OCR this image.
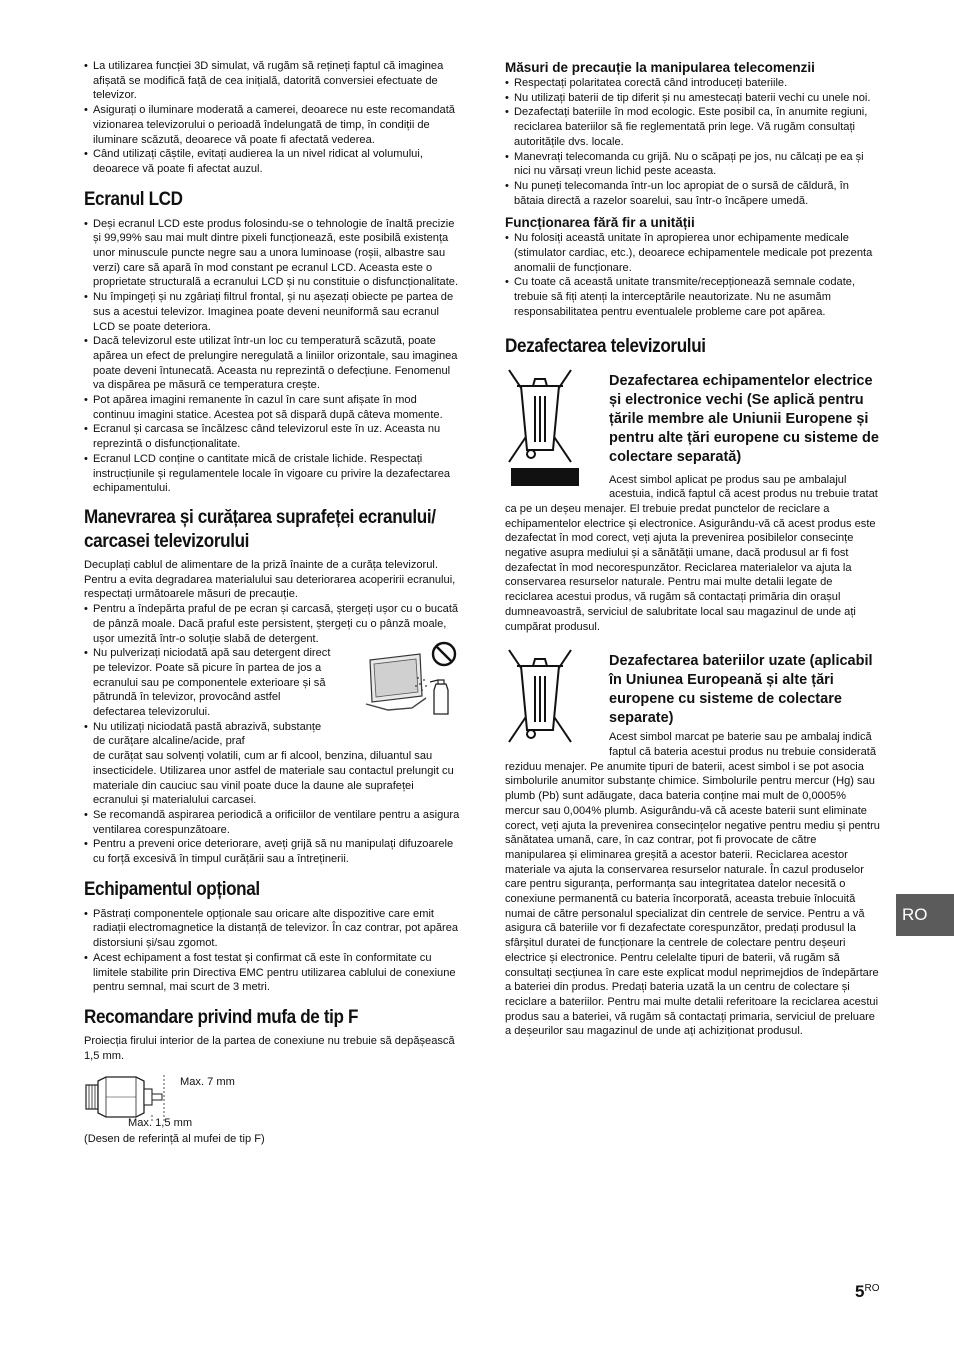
• La utilizarea funcției 3D simulat, vă rugăm să rețineți faptul că imaginea afișată se modifică față de cea inițială, datorită conversiei efectuate de televizor.
• Asigurați o iluminare moderată a camerei, deoarece nu este recomandată vizionarea televizorului o perioadă îndelungată de timp, în condiții de iluminare scăzută, deoarece vă poate fi afectată vederea.
• Când utilizați căștile, evitați audierea la un nivel ridicat al volumului, deoarece vă poate fi afectat auzul.
Ecranul LCD
• Deși ecranul LCD este produs folosindu-se o tehnologie de înaltă precizie și 99,99% sau mai mult dintre pixeli funcționează, este posibilă existența unor minuscule puncte negre sau a unora luminoase (roșii, albastre sau verzi) care să apară în mod constant pe ecranul LCD. Aceasta este o proprietate structurală a ecranului LCD și nu constituie o disfuncționalitate.
• Nu împingeți și nu zgâriați filtrul frontal, și nu așezați obiecte pe partea de sus a acestui televizor. Imaginea poate deveni neuniformă sau ecranul LCD se poate deteriora.
• Dacă televizorul este utilizat într-un loc cu temperatură scăzută, poate apărea un efect de prelungire neregulată a liniilor orizontale, sau imaginea poate deveni întunecată. Aceasta nu reprezintă o defecțiune. Fenomenul va dispărea pe măsură ce temperatura crește.
• Pot apărea imagini remanente în cazul în care sunt afișate în mod continuu imagini statice. Acestea pot să dispară după câteva momente.
• Ecranul și carcasa se încălzesc când televizorul este în uz. Aceasta nu reprezintă o disfuncționalitate.
• Ecranul LCD conține o cantitate mică de cristale lichide. Respectați instrucțiunile și regulamentele locale în vigoare cu privire la dezafectarea echipamentului.
Manevrarea și curățarea suprafeței ecranului/
carcasei televizorului

Decuplați cablul de alimentare de la priză înainte de a curăța televizorul.

Pentru a evita degradarea materialului sau deteriorarea acoperirii ecranului, respectați următoarele măsuri de precauție.

• Pentru a îndepărta praful de pe ecran și carcasă, ștergeți ușor cu o bucată de pânză moale. Dacă praful este persistent, ștergeți cu o pânză moale, ușor umezită într-o soluție slabă de detergent.
• Nu pulverizați niciodată apă sau detergent direct pe televizor. Poate să picure în partea de jos a ecranului sau pe componentele exterioare și să pătrundă în televizor, provocând astfel defectarea televizorului.
• Nu utilizați niciodată pastă abrazivă, substanțe de curățare alcaline/acide, praf

de curățat sau solvenți volatili, cum ar fi alcool, benzina, diluantul sau insecticidele. Utilizarea unor astfel de materiale sau contactul prelungit cu materiale din cauciuc sau vinil poate duce la daune ale suprafeței ecranului și materialului carcasei.

• Se recomandă aspirarea periodică a orificiilor de ventilare pentru a asigura ventilarea corespunzătoare.
• Pentru a preveni orice deteriorare, aveți grijă să nu manipulați difuzoarele cu forță excesivă în timpul curățării sau a întreținerii.
Echipamentul opțional
• Păstrați componentele opționale sau oricare alte dispozitive care emit radiații electromagnetice la distanță de televizor. În caz contrar, pot apărea distorsiuni și/sau zgomot.
• Acest echipament a fost testat și confirmat că este în conformitate cu limitele stabilite prin Directiva EMC pentru utilizarea cablului de conexiune pentru semnal, mai scurt de 3 metri.
Recomandare privind mufa de tip F

Proiecția firului interior de la partea de conexiune nu trebuie să depășească 1,5 mm.

Max. 7 mm
Max. 1,5 mm
(Desen de referință al mufei de tip F)
Măsuri de precauție la manipularea telecomenzii
• Respectați polaritatea corectă când introduceți bateriile.
• Nu utilizați baterii de tip diferit și nu amestecați baterii vechi cu unele noi.
• Dezafectați bateriile în mod ecologic. Este posibil ca, în anumite regiuni, reciclarea bateriilor să fie reglementată prin lege. Vă rugăm consultați autoritățile dvs. locale.
• Manevrați telecomanda cu grijă. Nu o scăpați pe jos, nu călcați pe ea și nici nu vărsați vreun lichid peste aceasta.
• Nu puneți telecomanda într-un loc apropiat de o sursă de căldură, în bătaia directă a razelor soarelui, sau într-o încăpere umedă.
Funcționarea fără fir a unității
• Nu folosiți această unitate în apropierea unor echipamente medicale (stimulator cardiac, etc.), deoarece echipamentele medicale pot prezenta anomalii de funcționare.
• Cu toate că această unitate transmite/recepționează semnale codate, trebuie să fiți atenți la interceptările neautorizate. Nu ne asumăm responsabilitatea pentru eventualele probleme care pot apărea.
Dezafectarea televizorului
Dezafectarea echipamentelor electrice și electronice vechi (Se aplică pentru țările membre ale Uniunii Europene și pentru alte țări europene cu sisteme de colectare separată)

Acest simbol aplicat pe produs sau pe ambalajul acestuia, indică faptul că acest produs nu trebuie tratat ca pe un deșeu menajer. El trebuie predat punctelor de reciclare a echipamentelor electrice și electronice. Asigurându-vă că acest produs este dezafectat în mod corect, veți ajuta la prevenirea posibilelor consecințe negative asupra mediului și a sănătății umane, dacă produsul ar fi fost dezafectat în mod necorespunzător. Reciclarea materialelor va ajuta la conservarea resurselor naturale. Pentru mai multe detalii legate de reciclarea acestui produs, vă rugăm să contactați primăria din orașul dumneavoastră, serviciul de salubritate local sau magazinul de unde ați cumpărat produsul.

Dezafectarea bateriilor uzate (aplicabil în Uniunea Europeană și alte țări europene cu sisteme de colectare separate)

Acest simbol marcat pe baterie sau pe ambalaj indică faptul că bateria acestui produs nu trebuie considerată reziduu menajer. Pe anumite tipuri de baterii, acest simbol i se pot asocia simbolurile anumitor substanțe chimice. Simbolurile pentru mercur (Hg) sau plumb (Pb) sunt adăugate, daca bateria conține mai mult de 0,0005% mercur sau 0,004% plumb. Asigurându-vă că aceste baterii sunt eliminate corect, veți ajuta la prevenirea consecințelor negative pentru mediu și pentru sănătatea umană, care, în caz contrar, pot fi provocate de către manipularea și eliminarea greșită a acestor baterii. Reciclarea acestor materiale va ajuta la conservarea resurselor naturale. În cazul produselor care pentru siguranța, performanța sau integritatea datelor necesită o conexiune permanentă cu bateria încorporată, aceasta trebuie înlocuită numai de către personalul specializat din centrele de service. Pentru a vă asigura că bateriile vor fi dezafectate corespunzător, predați produsul la sfârșitul duratei de funcționare la centrele de colectare pentru deșeuri electrice și electronice. Pentru celelalte tipuri de baterii, vă rugăm să consultați secțiunea în care este explicat modul neprimejdios de îndepărtare a bateriei din produs. Predați bateria uzată la un centru de colectare și reciclare a bateriilor. Pentru mai multe detalii referitoare la reciclarea acestui produs sau a bateriei, vă rugăm să contactați primaria, serviciul de preluare a deșeurilor sau magazinul de unde ați achiziționat produsul.

RO
$5^{RO}$
